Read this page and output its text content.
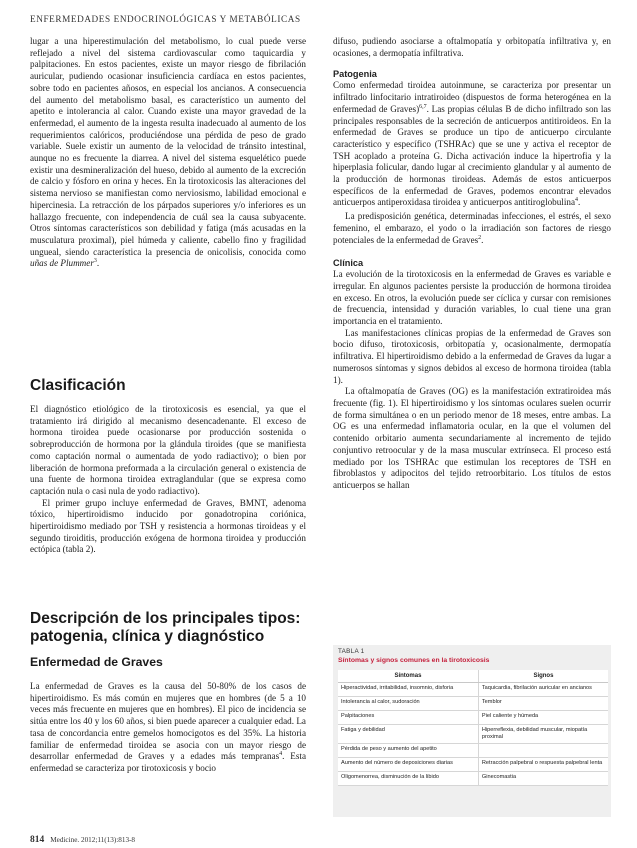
ENFERMEDADES ENDOCRINOLÓGICAS Y METABÓLICAS

lugar a una hiperestimulación del metabolismo, lo cual puede verse reflejado a nivel del sistema cardiovascular como taquicardia y palpitaciones. En estos pacientes, existe un mayor riesgo de fibrilación auricular, pudiendo ocasionar insuficiencia cardíaca en estos pacientes, sobre todo en pacientes añosos, en especial los ancianos. A consecuencia del aumento del metabolismo basal, es característico un aumento del apetito e intolerancia al calor. Cuando existe una mayor gravedad de la enfermedad, el aumento de la ingesta resulta inadecuado al aumento de los requerimientos calóricos, produciéndose una pérdida de peso de grado variable. Suele existir un aumento de la velocidad de tránsito intestinal, aunque no es frecuente la diarrea. A nivel del sistema esquelético puede existir una desmineralización del hueso, debido al aumento de la excreción de calcio y fósforo en orina y heces. En la tirotoxicosis las alteraciones del sistema nervioso se manifiestan como nerviosismo, labilidad emocional e hipercinesia. La retracción de los párpados superiores y/o inferiores es un hallazgo frecuente, con independencia de cuál sea la causa subyacente. Otros síntomas característicos son debilidad y fatiga (más acusadas en la musculatura proximal), piel húmeda y caliente, cabello fino y fragilidad ungueal, siendo característica la presencia de onicolisis, conocida como uñas de Plummer$^3$.

Clasificación

El diagnóstico etiológico de la tirotoxicosis es esencial, ya que el tratamiento irá dirigido al mecanismo desencadenante. El exceso de hormona tiroidea puede ocasionarse por producción sostenida o sobreproducción de hormona por la glándula tiroides (que se manifiesta como captación normal o aumentada de yodo radiactivo); o bien por liberación de hormona preformada a la circulación general o existencia de una fuente de hormona tiroidea extraglandular (que se expresa como captación nula o casi nula de yodo radiactivo).

El primer grupo incluye enfermedad de Graves, BMNT, adenoma tóxico, hipertiroidismo inducido por gonadotropina coriónica, hipertiroidismo mediado por TSH y resistencia a hormonas tiroideas y el segundo tiroiditis, producción exógena de hormona tiroidea y producción ectópica (tabla 2).

Descripción de los principales tipos: patogenia, clínica y diagnóstico
Enfermedad de Graves

La enfermedad de Graves es la causa del 50-80% de los casos de hipertiroidismo. Es más común en mujeres que en hombres (de 5 a 10 veces más frecuente en mujeres que en hombres). El pico de incidencia se sitúa entre los 40 y los 60 años, si bien puede aparecer a cualquier edad. La tasa de concordancia entre gemelos homocigotos es del 35%. La historia familiar de enfermedad tiroidea se asocia con un mayor riesgo de desarrollar enfermedad de Graves y a edades más tempranas$^4$. Esta enfermedad se caracteriza por tirotoxicosis y bocio

difuso, pudiendo asociarse a oftalmopatía y orbitopatía infiltrativa y, en ocasiones, a dermopatía infiltrativa.

Patogenia

Como enfermedad tiroidea autoinmune, se caracteriza por presentar un infiltrado linfocitario intratiroideo (dispuestos de forma heterogénea en la enfermedad de Graves)$^{6,7}$. Las propias células B de dicho infiltrado son las principales responsables de la secreción de anticuerpos antitiroideos. En la enfermedad de Graves se produce un tipo de anticuerpo circulante característico y específico (TSHRAc) que se une y activa el receptor de TSH acoplado a proteína G. Dicha activación induce la hipertrofia y la hiperplasia folicular, dando lugar al crecimiento glandular y al aumento de la producción de hormonas tiroideas. Además de estos anticuerpos específicos de la enfermedad de Graves, podemos encontrar elevados anticuerpos antiperoxidasa tiroidea y anticuerpos antitiroglobulina$^4$.

La predisposición genética, determinadas infecciones, el estrés, el sexo femenino, el embarazo, el yodo o la irradiación son factores de riesgo potenciales de la enfermedad de Graves$^2$.

Clínica

La evolución de la tirotoxicosis en la enfermedad de Graves es variable e irregular. En algunos pacientes persiste la producción de hormona tiroidea en exceso. En otros, la evolución puede ser cíclica y cursar con remisiones de frecuencia, intensidad y duración variables, lo cual tiene una gran importancia en el tratamiento.

Las manifestaciones clínicas propias de la enfermedad de Graves son bocio difuso, tirotoxicosis, orbitopatía y, ocasionalmente, dermopatía infiltrativa. El hipertiroidismo debido a la enfermedad de Graves da lugar a numerosos síntomas y signos debidos al exceso de hormona tiroidea (tabla 1).

La oftalmopatía de Graves (OG) es la manifestación extratiroidea más frecuente (fig. 1). El hipertiroidismo y los síntomas oculares suelen ocurrir de forma simultánea o en un periodo menor de 18 meses, entre ambas. La OG es una enfermedad inflamatoria ocular, en la que el volumen del contenido orbitario aumenta secundariamente al incremento de tejido conjuntivo retroocular y de la masa muscular extrínseca. El proceso está mediado por los TSHRAc que estimulan los receptores de TSH en fibroblastos y adipocitos del tejido retroorbitario. Los títulos de estos anticuerpos se hallan

TABLA 1
Síntomas y signos comunes en la tirotoxicosis
Síntomas	Signos
Hiperactividad, irritabilidad, insomnio, disforia	Taquicardia, fibrilación auricular en ancianos
Intolerancia al calor, sudoración	Temblor
Palpitaciones	Piel caliente y húmeda
Fatiga y debilidad	Hiperreflexia, debilidad muscular, miopatía proximal
Pérdida de peso y aumento del apetito	
Aumento del número de deposiciones diarias	Retracción palpebral o respuesta palpebral lenta
Oligomenorrea, disminución de la libido	Ginecomastia
814 Medicine. 2012;11(13):813-8
